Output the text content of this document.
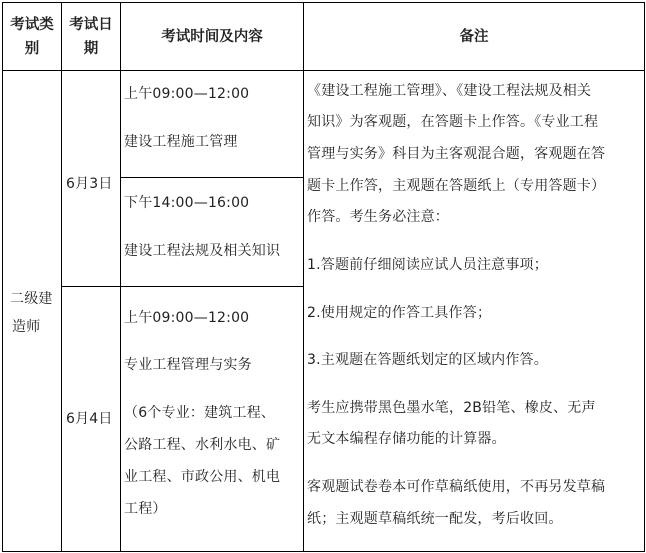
考试类
别
考试日
期
考试时间及内容	备注
二级建
造师
6月3日
6月4日
上午09:00—12:00
建设工程施工管理
下午14:00—16:00
建设工程法规及相关知识
上午09:00—12:00
专业工程管理与实务
（6个专业：建筑工程、
公路工程、水利水电、矿
业工程、市政公用、机电
工程）
《建设工程施工管理》、《建设工程法规及相关
知识》为客观题，在答题卡上作答。《专业工程
管理与实务》科目为主客观混合题，客观题在答
题卡上作答，主观题在答题纸上（专用答题卡）
作答。考生务必注意：
1.答题前仔细阅读应试人员注意事项；
2.使用规定的作答工具作答；
3.主观题在答题纸划定的区域内作答。
考生应携带黑色墨水笔，2B铅笔、橡皮、无声
无文本编程存储功能的计算器。
客观题试卷卷本可作草稿纸使用，不再另发草稿
纸；主观题草稿纸统一配发，考后收回。
